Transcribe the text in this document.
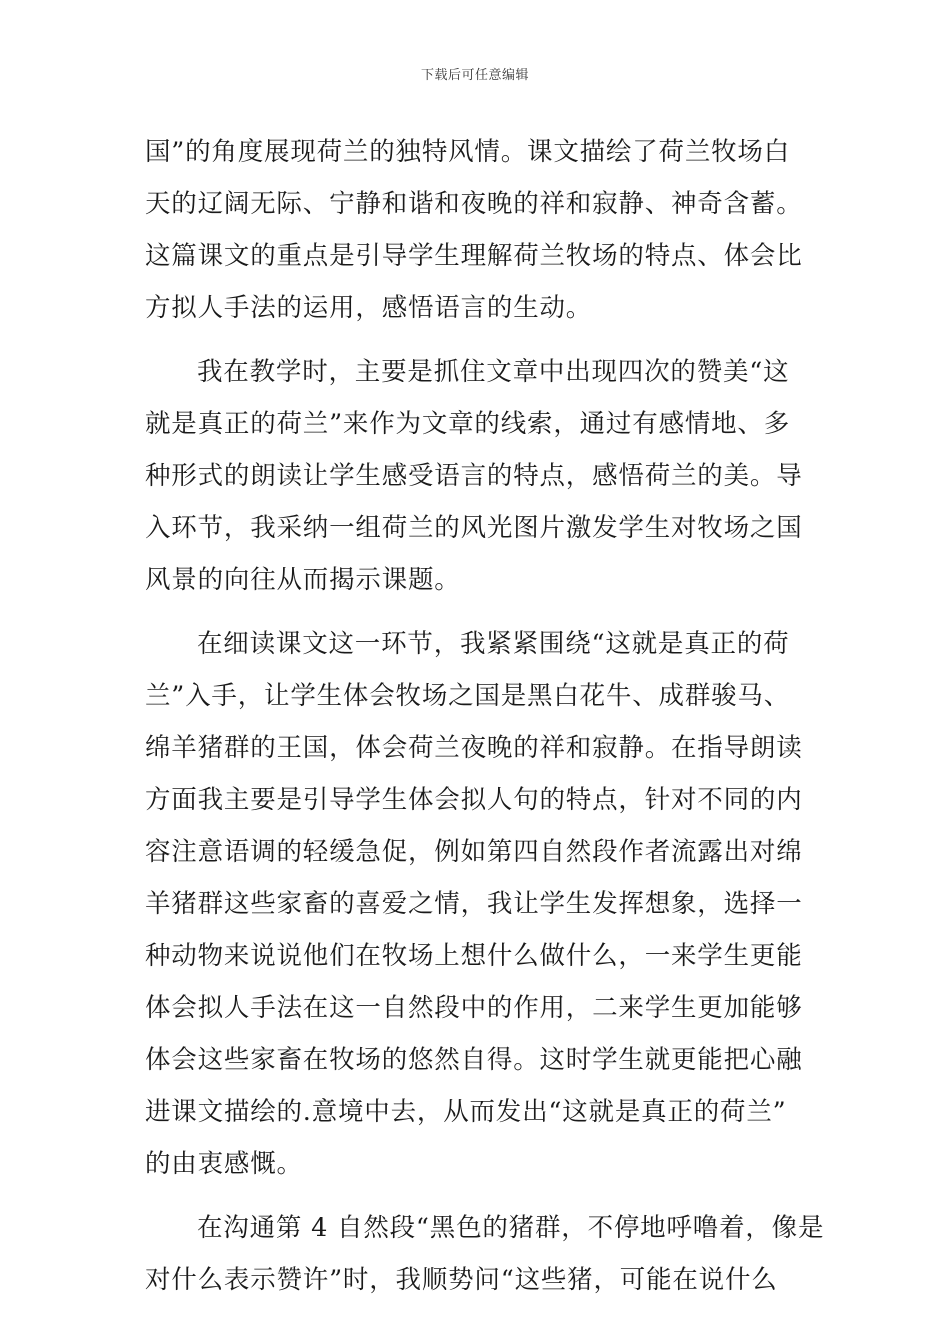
下载后可任意编辑
国”的角度展现荷兰的独特风情。课文描绘了荷兰牧场白
天的辽阔无际、宁静和谐和夜晚的祥和寂静、神奇含蓄。
这篇课文的重点是引导学生理解荷兰牧场的特点、体会比
方拟人手法的运用，感悟语言的生动。
我在教学时，主要是抓住文章中出现四次的赞美“这
就是真正的荷兰”来作为文章的线索，通过有感情地、多
种形式的朗读让学生感受语言的特点，感悟荷兰的美。导
入环节，我采纳一组荷兰的风光图片激发学生对牧场之国
风景的向往从而揭示课题。
在细读课文这一环节，我紧紧围绕“这就是真正的荷
兰”入手，让学生体会牧场之国是黑白花牛、成群骏马、
绵羊猪群的王国，体会荷兰夜晚的祥和寂静。在指导朗读
方面我主要是引导学生体会拟人句的特点，针对不同的内
容注意语调的轻缓急促，例如第四自然段作者流露出对绵
羊猪群这些家畜的喜爱之情，我让学生发挥想象，选择一
种动物来说说他们在牧场上想什么做什么，一来学生更能
体会拟人手法在这一自然段中的作用，二来学生更加能够
体会这些家畜在牧场的悠然自得。这时学生就更能把心融
进课文描绘的.意境中去，从而发出“这就是真正的荷兰”
的由衷感慨。
在沟通第 4 自然段“黑色的猪群，不停地呼噜着，像是
对什么表示赞许”时，我顺势问“这些猪，可能在说什么
